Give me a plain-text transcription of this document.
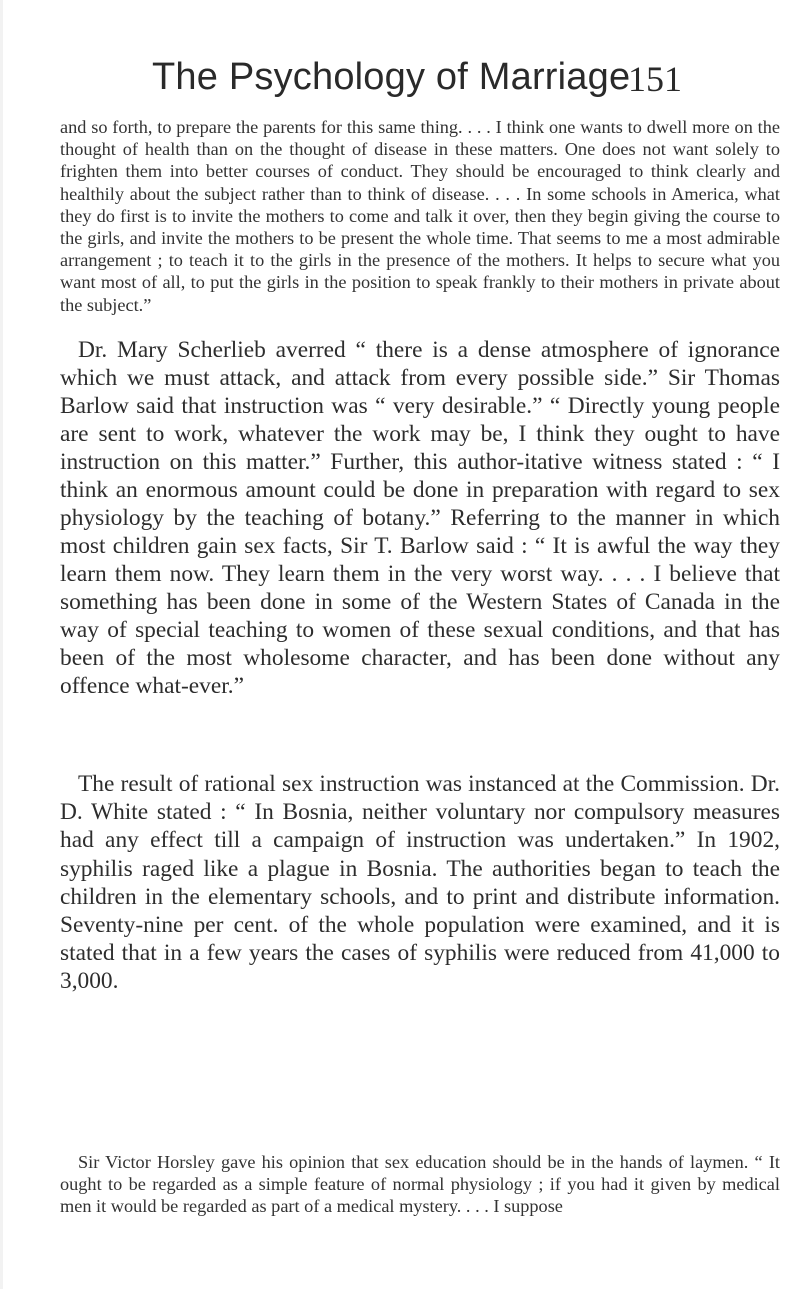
The Psychology of Marriage
151

and so forth, to prepare the parents for this same thing. . . . I think one wants to dwell more on the thought of health than on the thought of disease in these matters. One does not want solely to frighten them into better courses of conduct. They should be encouraged to think clearly and healthily about the subject rather than to think of disease. . . . In some schools in America, what they do first is to invite the mothers to come and talk it over, then they begin giving the course to the girls, and invite the mothers to be present the whole time. That seems to me a most admirable arrangement ; to teach it to the girls in the presence of the mothers. It helps to secure what you want most of all, to put the girls in the position to speak frankly to their mothers in private about the subject.”

Dr. Mary Scherlieb averred “ there is a dense atmosphere of ignorance which we must attack, and attack from every possible side.” Sir Thomas Barlow said that instruction was “ very desirable.” “ Directly young people are sent to work, whatever the work may be, I think they ought to have instruction on this matter.” Further, this author-itative witness stated : “ I think an enormous amount could be done in preparation with regard to sex physiology by the teaching of botany.” Referring to the manner in which most children gain sex facts, Sir T. Barlow said : “ It is awful the way they learn them now. They learn them in the very worst way. . . . I believe that something has been done in some of the Western States of Canada in the way of special teaching to women of these sexual conditions, and that has been of the most wholesome character, and has been done without any offence what-ever.”

The result of rational sex instruction was instanced at the Commission. Dr. D. White stated : “ In Bosnia, neither voluntary nor compulsory measures had any effect till a campaign of instruction was undertaken.” In 1902, syphilis raged like a plague in Bosnia. The authorities began to teach the children in the elementary schools, and to print and distribute information. Seventy-nine per cent. of the whole population were examined, and it is stated that in a few years the cases of syphilis were reduced from 41,000 to 3,000.

Sir Victor Horsley gave his opinion that sex education should be in the hands of laymen. “ It ought to be regarded as a simple feature of normal physiology ; if you had it given by medical men it would be regarded as part of a medical mystery. . . . I suppose
